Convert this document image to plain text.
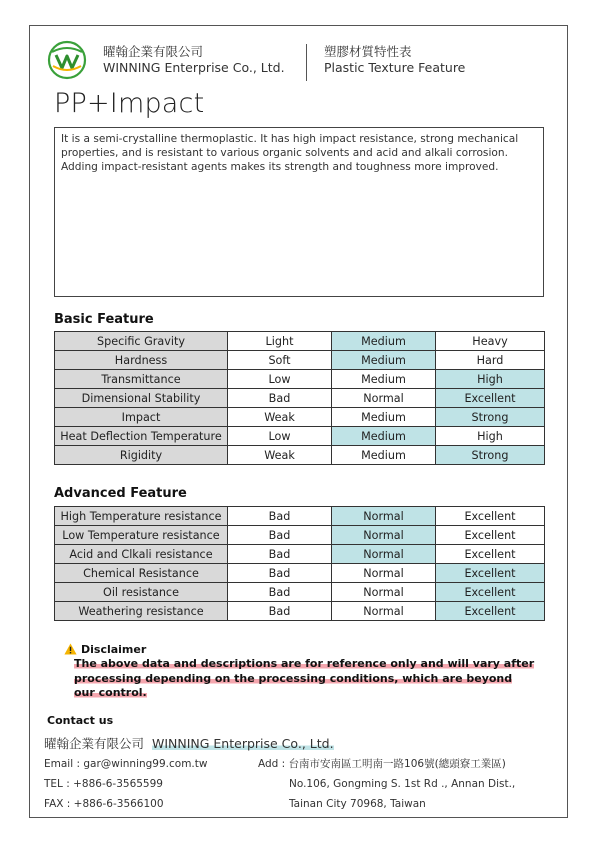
曜翰企業有限公司
WINNING Enterprise Co., Ltd.
塑膠材質特性表
Plastic Texture Feature
PP+Impact
It is a semi-crystalline thermoplastic. It has high impact resistance, strong mechanical properties, and is resistant to various organic solvents and acid and alkali corrosion. Adding impact-resistant agents makes its strength and toughness more improved.
Basic Feature
Specific Gravity	Light	Medium	Heavy
Hardness	Soft	Medium	Hard
Transmittance	Low	Medium	High
Dimensional Stability	Bad	Normal	Excellent
Impact	Weak	Medium	Strong
Heat Deflection Temperature	Low	Medium	High
Rigidity	Weak	Medium	Strong
Advanced Feature
High Temperature resistance	Bad	Normal	Excellent
Low Temperature resistance	Bad	Normal	Excellent
Acid and Clkali resistance	Bad	Normal	Excellent
Chemical Resistance	Bad	Normal	Excellent
Oil resistance	Bad	Normal	Excellent
Weathering resistance	Bad	Normal	Excellent
Disclaimer
The above data and descriptions are for reference only and will vary after
processing depending on the processing conditions, which are beyond
our control.
Contact us
曜翰企業有限公司 WINNING Enterprise Co., Ltd.
Email : gar@winning99.com.tw
TEL : +886-6-3565599
FAX : +886-6-3566100
Add : 台南市安南區工明南一路106號(總頭寮工業區)
No.106, Gongming S. 1st Rd ., Annan Dist.,
Tainan City 70968, Taiwan
